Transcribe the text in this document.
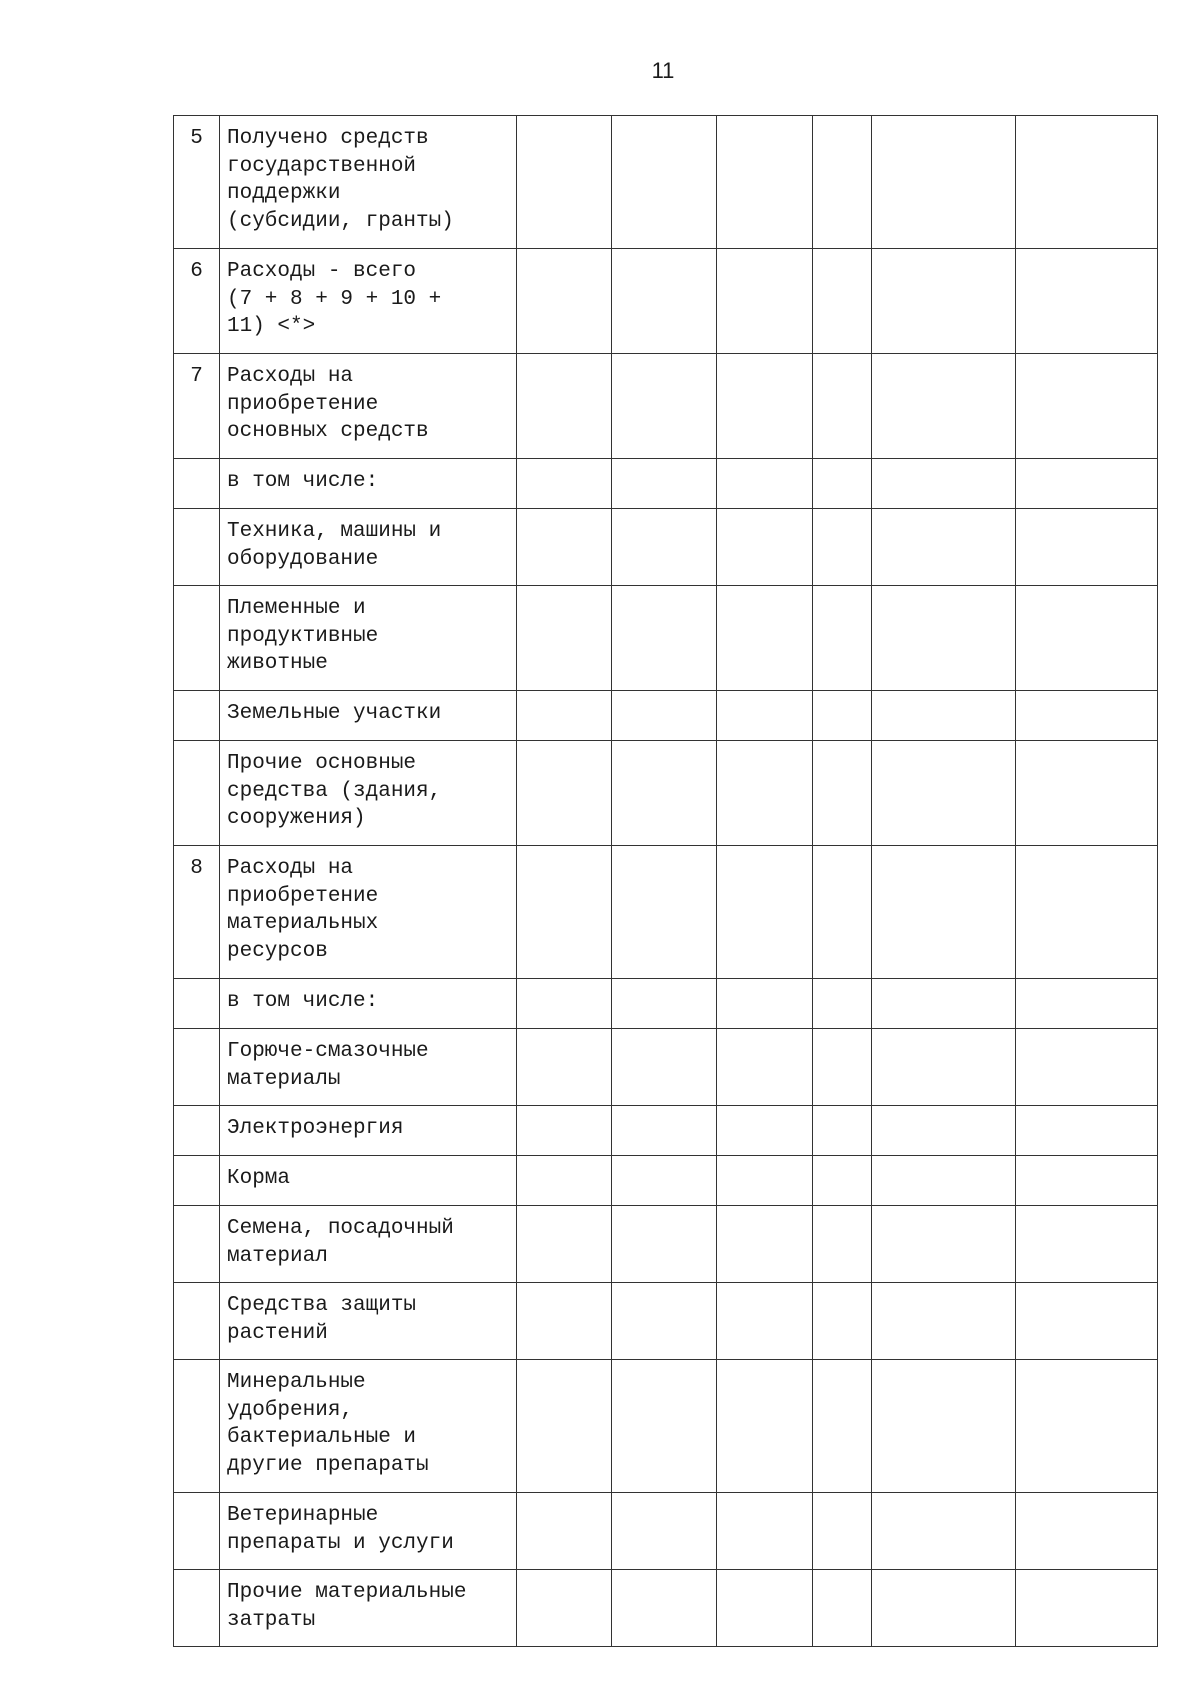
11
5	Получено средств
государственной
поддержки
(субсидии, гранты)						
6	Расходы - всего
(7 + 8 + 9 + 10 +
11) <*>						
7	Расходы на
приобретение
основных средств						
	в том числе:						
	Техника, машины и
оборудование						
	Племенные и
продуктивные
животные						
	Земельные участки						
	Прочие основные
средства (здания,
сооружения)						
8	Расходы на
приобретение
материальных
ресурсов						
	в том числе:						
	Горюче-смазочные
материалы						
	Электроэнергия						
	Корма						
	Семена, посадочный
материал						
	Средства защиты
растений						
	Минеральные
удобрения,
бактериальные и
другие препараты						
	Ветеринарные
препараты и услуги						
	Прочие материальные
затраты						
